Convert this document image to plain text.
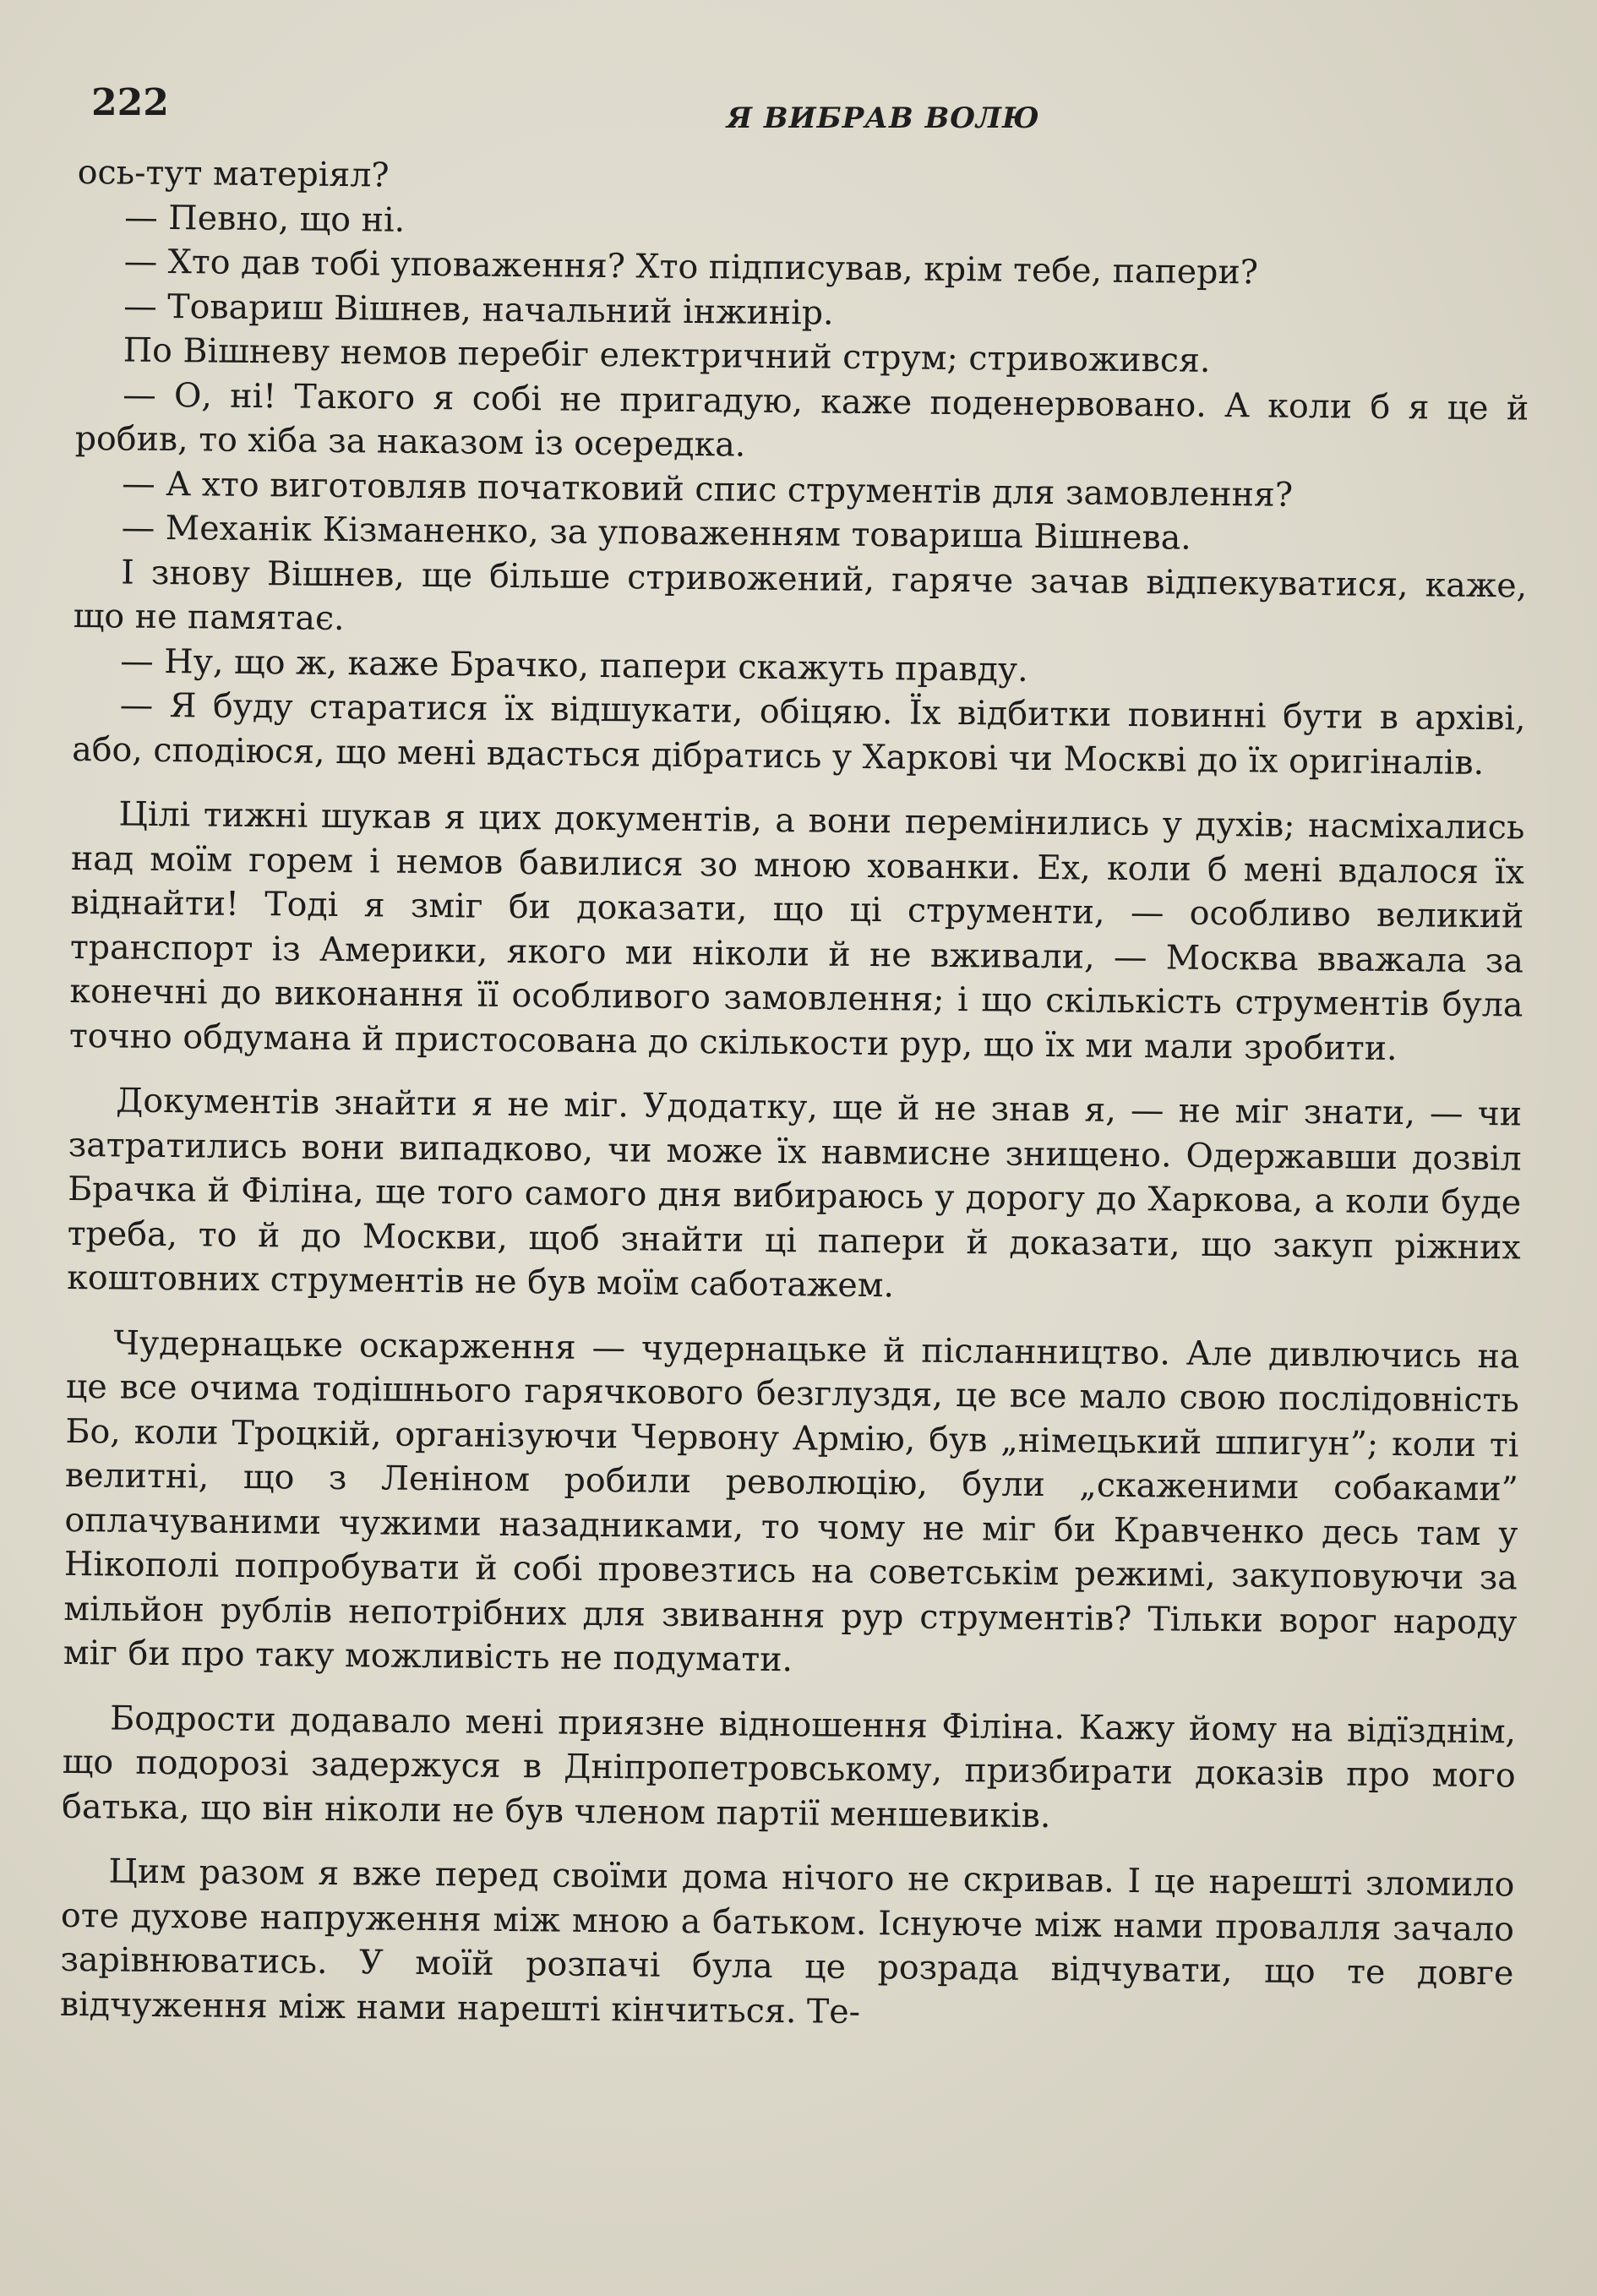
222	Я ВИБРАВ ВОЛЮ

ось-тут матеріял?

— Певно, що ні.

— Хто дав тобі уповаження? Хто підписував, крім тебе, папери?

— Товариш Вішнев, начальний інжинір.

По Вішневу немов перебіг електричний струм; стривожився.

— О, ні! Такого я собі не пригадую, каже поденервовано. А коли б я це й робив, то хіба за наказом із осередка.

— А хто виготовляв початковий спис струментів для замовлення?

— Механік Кізманенко, за уповаженням товариша Вішнева.

І знову Вішнев, ще більше стривожений, гаряче зачав відпекуватися, каже, що не памятає.

— Ну, що ж, каже Брачко, папери скажуть правду.

— Я буду старатися їх відшукати, обіцяю. Їх відбитки повинні бути в архіві, або, сподіюся, що мені вдасться дібратись у Харкові чи Москві до їх оригіналів.

Цілі тижні шукав я цих документів, а вони перемінились у духів; насміхались над моїм горем і немов бавилися зо мною хованки. Ех, коли б мені вдалося їх віднайти! Тоді я зміг би доказати, що ці струменти, — особливо великий транспорт із Америки, якого ми ніколи й не вживали, — Москва вважала за конечні до виконання її особливого замовлення; і що скількість струментів була точно обдумана й пристосована до скількости рур, що їх ми мали зробити.

Документів знайти я не міг. Удодатку, ще й не знав я, — не міг знати, — чи затратились вони випадково, чи може їх навмисне знищено. Одержавши дозвіл Брачка й Філіна, ще того самого дня вибираюсь у дорогу до Харкова, а коли буде треба, то й до Москви, щоб знайти ці папери й доказати, що закуп ріжних коштовних струментів не був моїм саботажем.

Чудернацьке оскарження — чудернацьке й післанництво. Але дивлючись на це все очима тодішнього гарячкового безглуздя, це все мало свою послідовність Бо, коли Троцкій, організуючи Червону Армію, був „німецький шпигун”; коли ті велитні, що з Леніном робили революцію, були „скаженими собаками” оплачуваними чужими назадниками, то чому не міг би Кравченко десь там у Нікополі попробувати й собі провезтись на советськім режимі, закуповуючи за мільйон рублів непотрібних для звивання рур струментів? Тільки ворог народу міг би про таку можливість не подумати.

Бодрости додавало мені приязне відношення Філіна. Кажу йому на відїзднім, що подорозі задержуся в Дніпропетровському, призбирати доказів про мого батька, що він ніколи не був членом партії меншевиків.

Цим разом я вже перед своїми дома нічого не скривав. І це нарешті зломило оте духове напруження між мною а батьком. Існуюче між нами провалля зачало зарівнюватись. У моїй розпачі була це розрада відчувати, що те довге відчуження між нами нарешті кінчиться. Те-
